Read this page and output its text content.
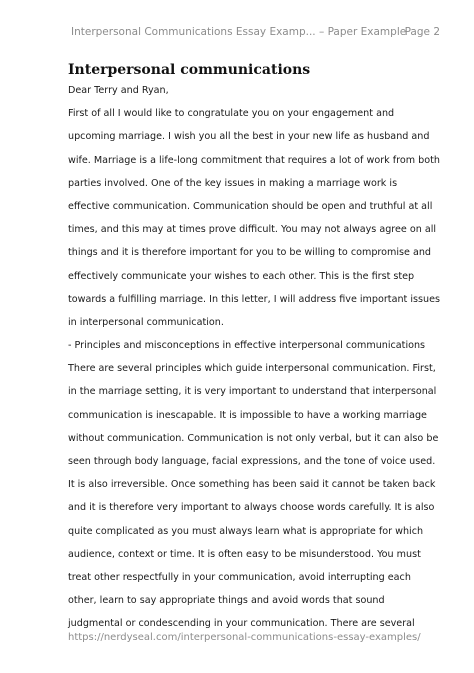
Interpersonal Communications Essay Examp... – Paper Example
Page 2
Interpersonal communications
Dear Terry and Ryan,
First of all I would like to congratulate you on your engagement and
upcoming marriage. I wish you all the best in your new life as husband and
wife. Marriage is a life-long commitment that requires a lot of work from both
parties involved. One of the key issues in making a marriage work is
effective communication. Communication should be open and truthful at all
times, and this may at times prove difficult. You may not always agree on all
things and it is therefore important for you to be willing to compromise and
effectively communicate your wishes to each other. This is the first step
towards a fulfilling marriage. In this letter, I will address five important issues
in interpersonal communication.
- Principles and misconceptions in effective interpersonal communications
There are several principles which guide interpersonal communication. First,
in the marriage setting, it is very important to understand that interpersonal
communication is inescapable. It is impossible to have a working marriage
without communication. Communication is not only verbal, but it can also be
seen through body language, facial expressions, and the tone of voice used.
It is also irreversible. Once something has been said it cannot be taken back
and it is therefore very important to always choose words carefully. It is also
quite complicated as you must always learn what is appropriate for which
audience, context or time. It is often easy to be misunderstood. You must
treat other respectfully in your communication, avoid interrupting each
other, learn to say appropriate things and avoid words that sound
judgmental or condescending in your communication. There are several
https://nerdyseal.com/interpersonal-communications-essay-examples/
